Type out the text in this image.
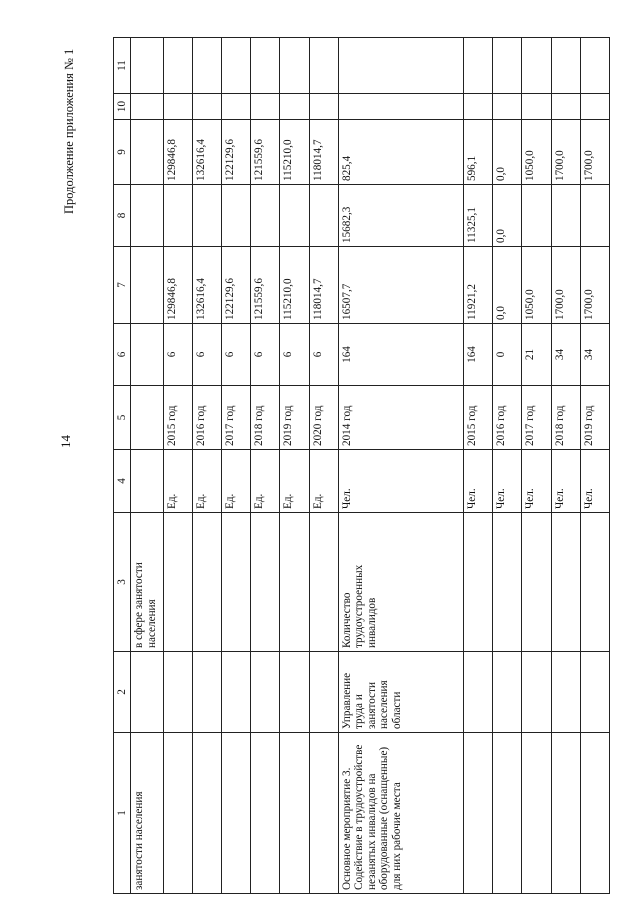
14
Продолжение приложения № 1
1	2	3	4	5	6	7	8	9	10	11
занятости населения		в сфере занятости населения								
			Ед.	2015 год	6	129846,8		129846,8		
			Ед.	2016 год	6	132616,4		132616,4		
			Ед.	2017 год	6	122129,6		122129,6		
			Ед.	2018 год	6	121559,6		121559,6		
			Ед.	2019 год	6	115210,0		115210,0		
			Ед.	2020 год	6	118014,7		118014,7		
Основное мероприятие 3. Содействие в трудоустройстве незанятых инвалидов на оборудованные (оснащенные) для них рабочие места	Управление труда и занятости населения области	Количество трудоустроенных инвалидов	Чел.	2014 год	164	16507,7	15682,3	825,4		
			Чел.	2015 год	164	11921,2	11325,1	596,1		
			Чел.	2016 год	0	0,0	0,0	0,0		
			Чел.	2017 год	21	1050,0		1050,0		
			Чел.	2018 год	34	1700,0		1700,0		
			Чел.	2019 год	34	1700,0		1700,0		
